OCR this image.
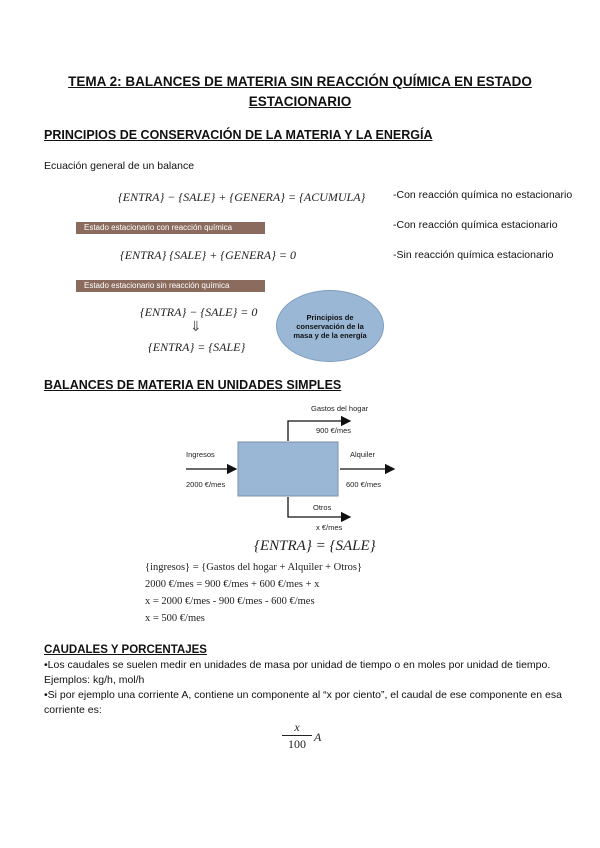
TEMA 2: BALANCES DE MATERIA SIN REACCIÓN QUÍMICA EN ESTADO ESTACIONARIO
PRINCIPIOS DE CONSERVACIÓN DE LA MATERIA Y LA ENERGÍA
Ecuación general de un balance
{ENTRA} − {SALE} + {GENERA} = {ACUMULA}
Estado estacionario con reacción química
{ENTRA} {SALE} + {GENERA} = 0
Estado estacionario sin reacción química
{ENTRA} − {SALE} = 0
⇓
{ENTRA} = {SALE}
Principios de conservación de la masa y de la energía
-Con reacción química no estacionario
-Con reacción química estacionario
-Sin reacción química estacionario
BALANCES DE MATERIA EN UNIDADES SIMPLES
Gastos del hogar
900 €/mes
Ingresos
2000 €/mes
Alquiler
600 €/mes
Otros
x €/mes
{ENTRA} = {SALE}
{ingresos} = {Gastos del hogar + Alquiler + Otros}
2000 €/mes = 900 €/mes + 600 €/mes + x
x = 2000 €/mes - 900 €/mes - 600 €/mes
x = 500 €/mes
CAUDALES Y PORCENTAJES
•Los caudales se suelen medir en unidades de masa por unidad de tiempo o en moles por unidad de tiempo. Ejemplos: kg/h, mol/h
•Si por ejemplo una corriente A, contiene un componente al “x por ciento”, el caudal de ese componente en esa corriente es:
$\frac{x}{100}$ A
